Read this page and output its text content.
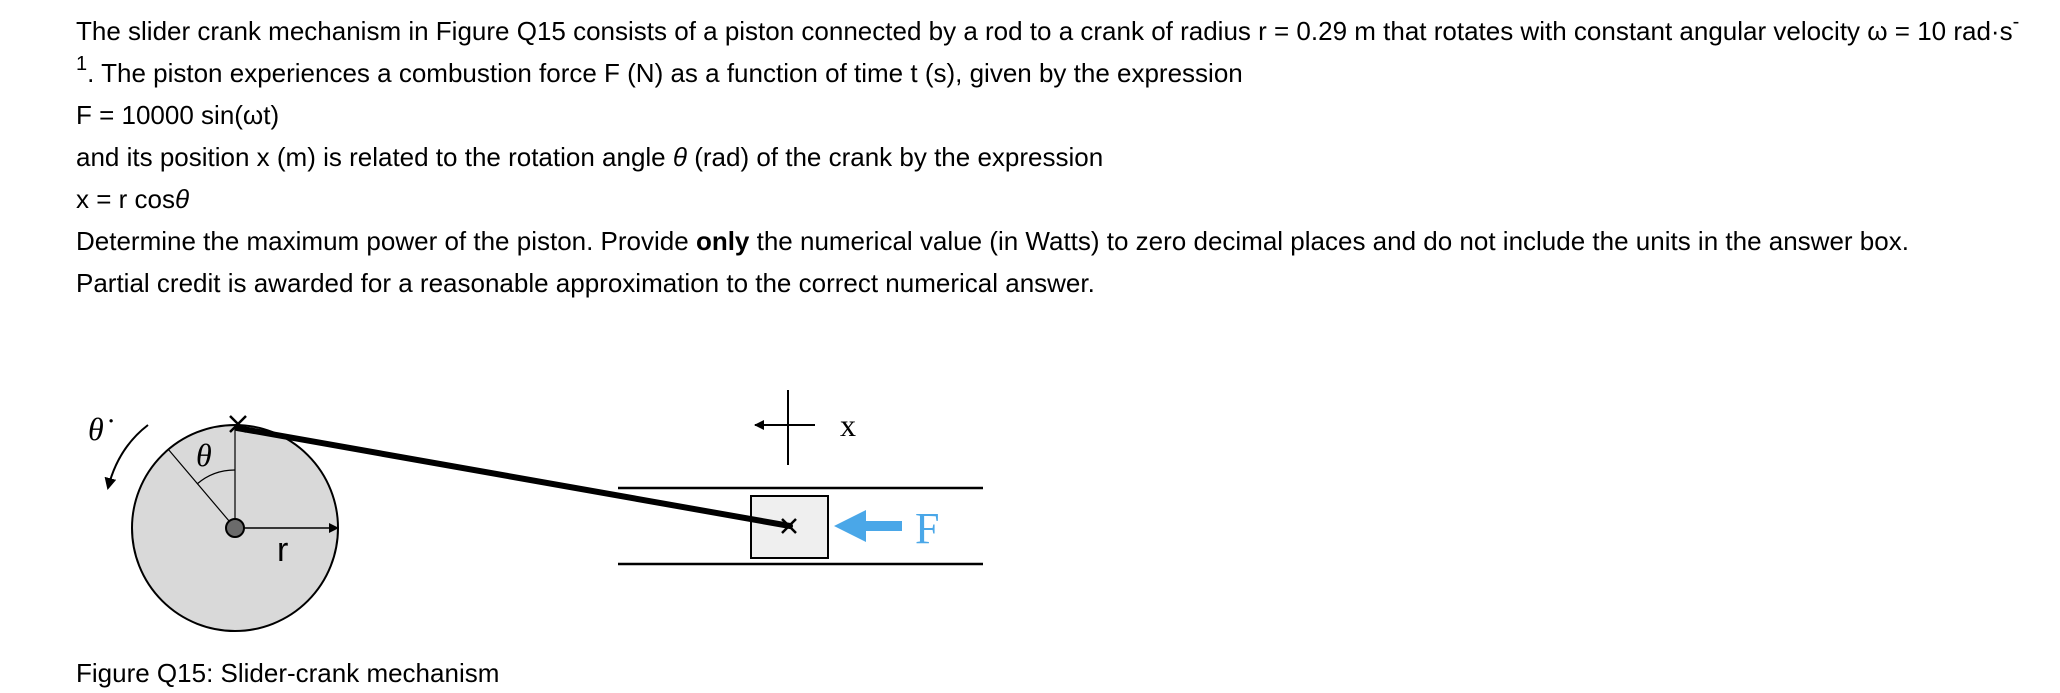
The slider crank mechanism in Figure Q15 consists of a piston connected by a rod to a crank of radius r = 0.29 m that rotates with constant angular velocity ω = 10 $rad\cdot s^{-1}$. The piston experiences a combustion force F (N) as a function of time t (s), given by the expression

F = 10000 sin(ωt)

and its position x (m) is related to the rotation angle θ (rad) of the crank by the expression

x = r cosθ

Determine the maximum power of the piston. Provide only the numerical value (in Watts) to zero decimal places and do not include the units in the answer box.

Partial credit is awarded for a reasonable approximation to the correct numerical answer.

θ̇
θ
r
x
F
Figure Q15: Slider-crank mechanism
